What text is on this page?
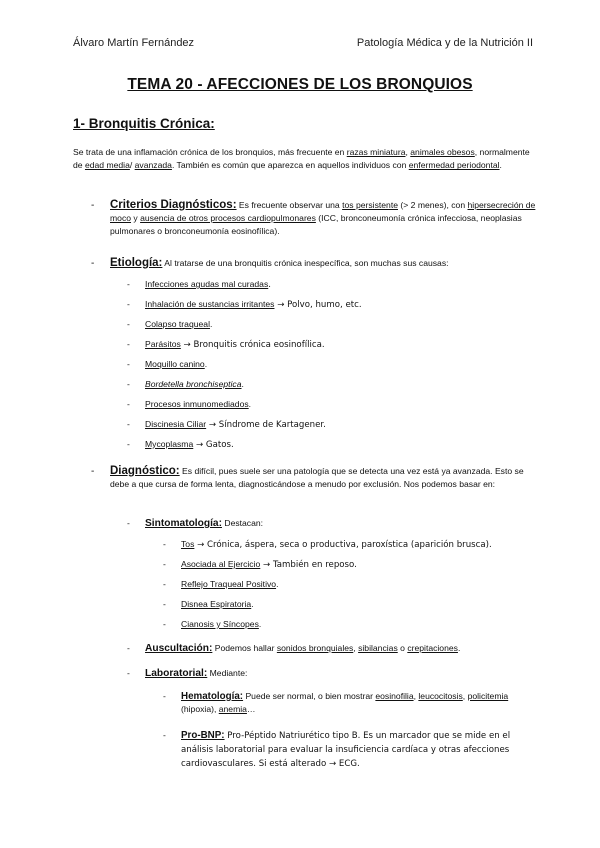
Álvaro Martín Fernández	Patología Médica y de la Nutrición II
TEMA 20 - AFECCIONES DE LOS BRONQUIOS
1- Bronquitis Crónica:
Se trata de una inflamación crónica de los bronquios, más frecuente en razas miniatura, animales obesos, normalmente de edad media/ avanzada. También es común que aparezca en aquellos individuos con enfermedad periodontal.
- Criterios Diagnósticos: Es frecuente observar una tos persistente (> 2 menes), con hipersecreción de moco y ausencia de otros procesos cardiopulmonares (ICC, bronconeumonía crónica infecciosa, neoplasias pulmonares o bronconeumonía eosinofílica).
- Etiología: Al tratarse de una bronquitis crónica inespecífica, son muchas sus causas:
- Infecciones agudas mal curadas.
- Inhalación de sustancias irritantes → Polvo, humo, etc.
- Colapso traqueal.
- Parásitos → Bronquitis crónica eosinofílica.
- Moquillo canino.
- Bordetella bronchiseptica.
- Procesos inmunomediados.
- Discinesia Ciliar → Síndrome de Kartagener.
- Mycoplasma → Gatos.
- Diagnóstico: Es difícil, pues suele ser una patología que se detecta una vez está ya avanzada. Esto se debe a que cursa de forma lenta, diagnosticándose a menudo por exclusión. Nos podemos basar en:
- Sintomatología: Destacan:
- Tos → Crónica, áspera, seca o productiva, paroxística (aparición brusca).
- Asociada al Ejercicio → También en reposo.
- Reflejo Traqueal Positivo.
- Disnea Espiratoria.
- Cianosis y Síncopes.
- Auscultación: Podemos hallar sonidos bronquiales, sibilancias o crepitaciones.
- Laboratorial: Mediante:
- Hematología: Puede ser normal, o bien mostrar eosinofilia, leucocitosis, policitemia (hipoxia), anemia…
- Pro-BNP: Pro-Péptido Natriurético tipo B. Es un marcador que se mide en el análisis laboratorial para evaluar la insuficiencia cardíaca y otras afecciones cardiovasculares. Si está alterado → ECG.
